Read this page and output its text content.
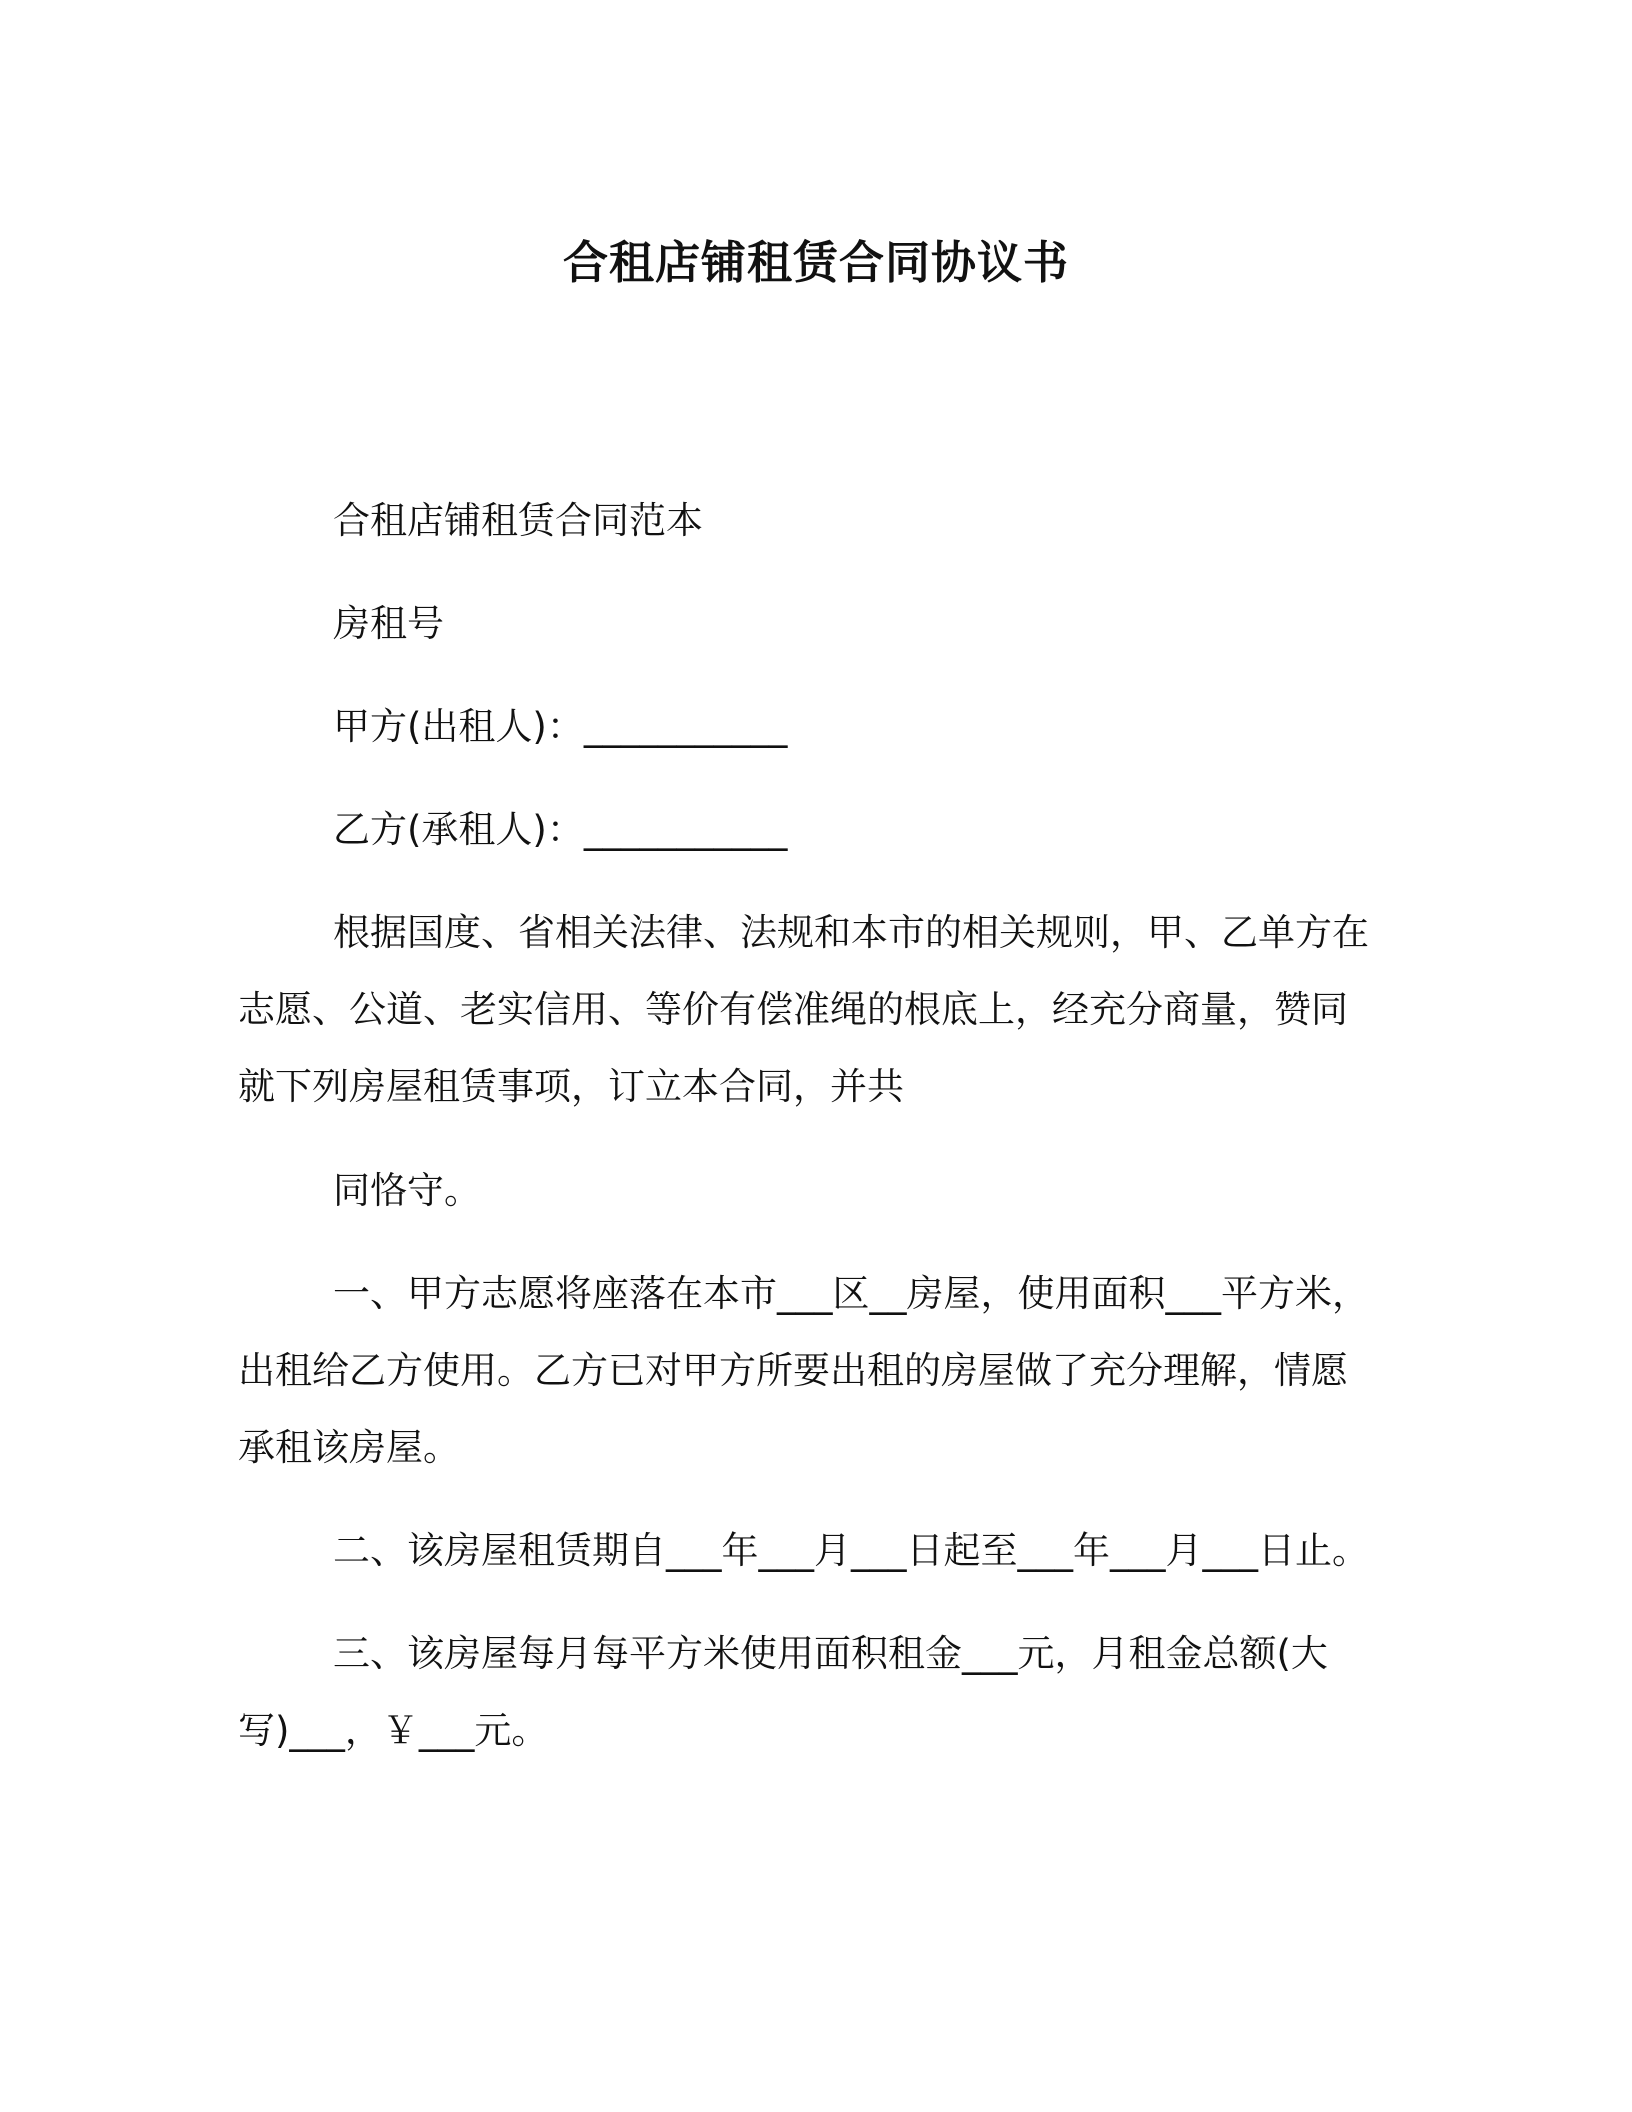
合租店铺租赁合同协议书

合租店铺租赁合同范本

房租号

甲方(出租人)：___________

乙方(承租人)：___________

根据国度、省相关法律、法规和本市的相关规则，甲、乙单方在

志愿、公道、老实信用、等价有偿准绳的根底上，经充分商量，赞同

就下列房屋租赁事项，订立本合同，并共

同恪守。

一、甲方志愿将座落在本市___区__房屋，使用面积___平方米，

出租给乙方使用。乙方已对甲方所要出租的房屋做了充分理解，情愿

承租该房屋。

二、该房屋租赁期自___年___月___日起至___年___月___日止。

三、该房屋每月每平方米使用面积租金___元，月租金总额(大

写)___，￥___元。
